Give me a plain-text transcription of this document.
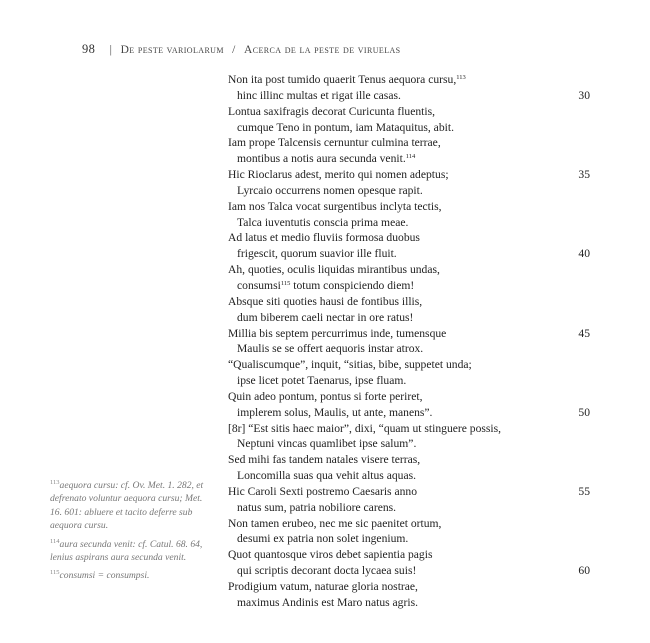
98 | De peste variolarum / Acerca de la peste de viruelas
Non ita post tumido quaerit Tenus aequora cursu,$^{113}$
hinc illinc multas et rigat ille casas.	30
Lontua saxifragis decorat Curicunta fluentis,
cumque Teno in pontum, iam Mataquitus, abit.
Iam prope Talcensis cernuntur culmina terrae,
montibus a notis aura secunda venit.$^{114}$
Hic Rioclarus adest, merito qui nomen adeptus;	35
Lyrcaio occurrens nomen opesque rapit.
Iam nos Talca vocat surgentibus inclyta tectis,
Talca iuventutis conscia prima meae.
Ad latus et medio fluviis formosa duobus
frigescit, quorum suavior ille fluit.	40
Ah, quoties, oculis liquidas mirantibus undas,
consumsi$^{115}$ totum conspiciendo diem!
Absque siti quoties hausi de fontibus illis,
dum biberem caeli nectar in ore ratus!
Millia bis septem percurrimus inde, tumensque	45
Maulis se se offert aequoris instar atrox.
“Qualiscumque”, inquit, “sitias, bibe, suppetet unda;
ipse licet potet Taenarus, ipse fluam.
Quin adeo pontum, pontus si forte periret,
implerem solus, Maulis, ut ante, manens”.	50
[8r] “Est sitis haec maior”, dixi, “quam ut stinguere possis,
Neptuni vincas quamlibet ipse salum”.
Sed mihi fas tandem natales visere terras,
Loncomilla suas qua vehit altus aquas.
Hic Caroli Sexti postremo Caesaris anno	55
natus sum, patria nobiliore carens.
Non tamen erubeo, nec me sic paenitet ortum,
desumi ex patria non solet ingenium.
Quot quantosque viros debet sapientia pagis
qui scriptis decorant docta lycaea suis!	60
Prodigium vatum, naturae gloria nostrae,
maximus Andinis est Maro natus agris.
$^{113}$aequora cursu: cf. Ov. Met. 1. 282, et defrenato voluntur aequora cursu; Met. 16. 601: abluere et tacito deferre sub aequora cursu.
$^{114}$aura secunda venit: cf. Catul. 68. 64, lenius aspirans aura secunda venit.
$^{115}$consumsi = consumpsi.
